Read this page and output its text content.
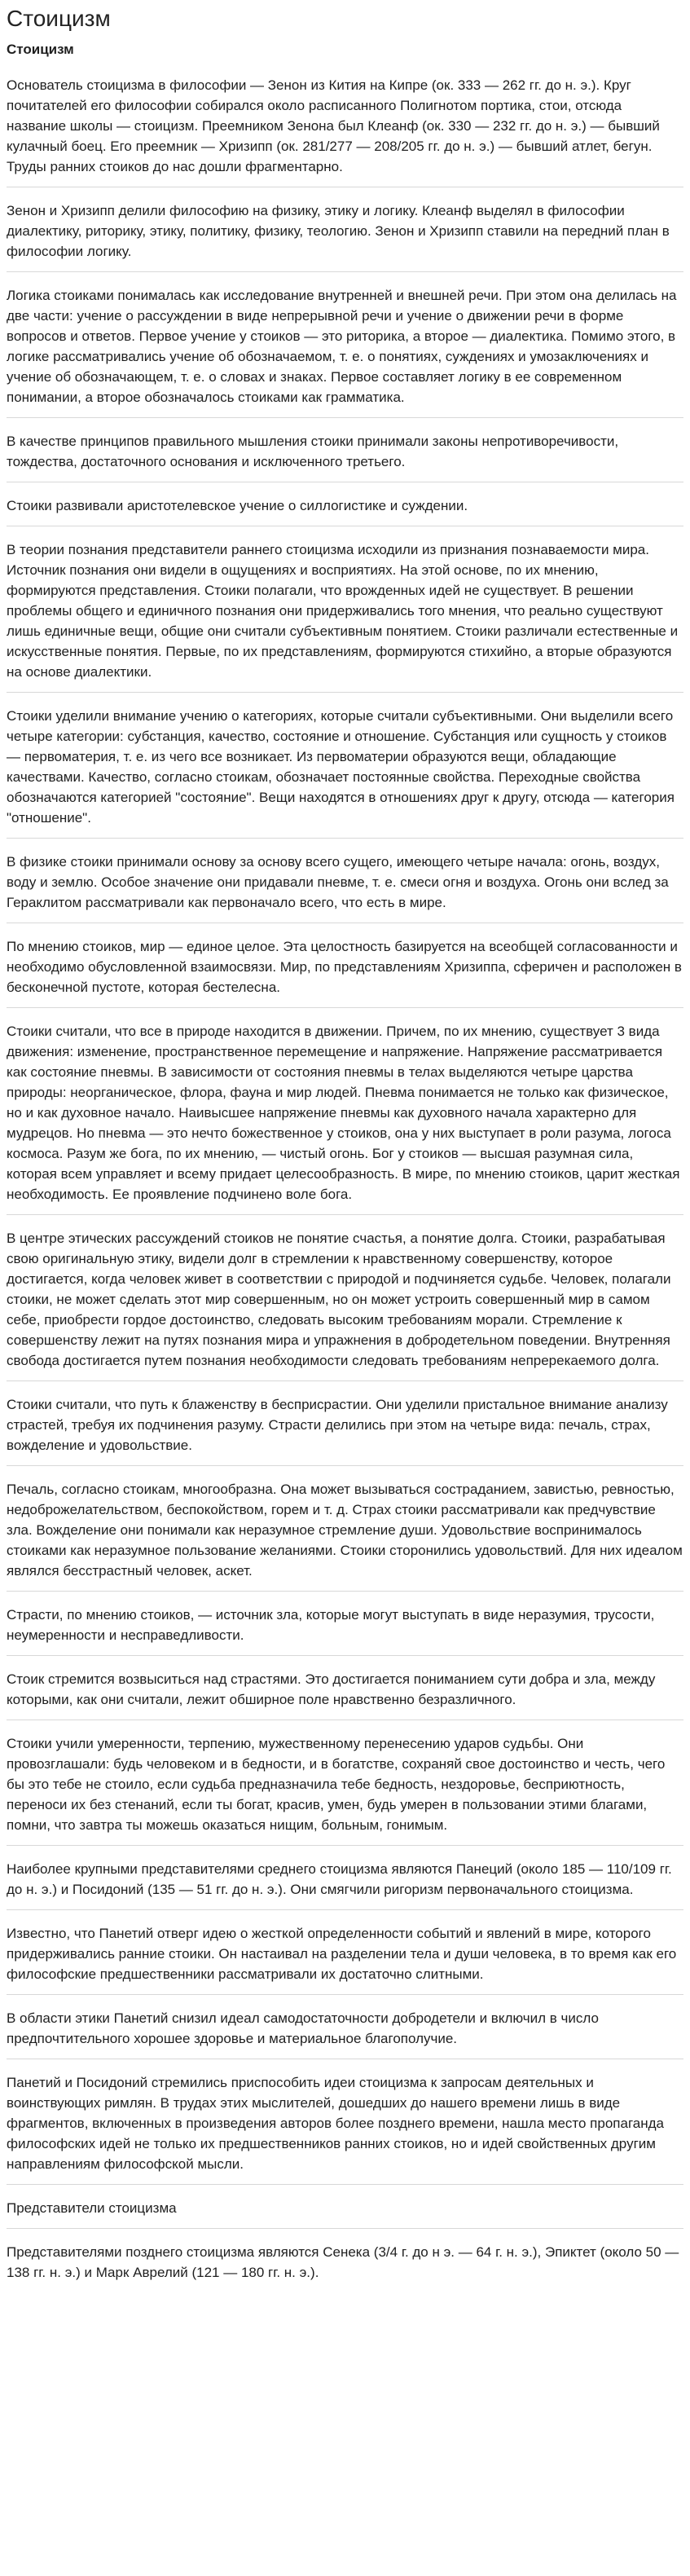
Стоицизм
Стоицизм

Основатель стоицизма в философии — Зенон из Кития на Кипре (ок. 333 — 262 гг. до н. э.). Круг почитателей его философии собирался около расписанного Полигнотом портика, стои, отсюда название школы — стоицизм. Преемником Зенона был Клеанф (ок. 330 — 232 гг. до н. э.) — бывший кулачный боец. Его преемник — Хризипп (ок. 281/277 — 208/205 гг. до н. э.) — бывший атлет, бегун. Труды ранних стоиков до нас дошли фрагментарно.

Зенон и Хризипп делили философию на физику, этику и логику. Клеанф выделял в философии диалектику, риторику, этику, политику, физику, теологию. Зенон и Хризипп ставили на передний план в философии логику.

Логика стоиками понималась как исследование внутренней и внешней речи. При этом она делилась на две части: учение о рассуждении в виде непрерывной речи и учение о движении речи в форме вопросов и ответов. Первое учение у стоиков — это риторика, а второе — диалектика. Помимо этого, в логике рассматривались учение об обозначаемом, т. е. о понятиях, суждениях и умозаключениях и учение об обозначающем, т. е. о словах и знаках. Первое составляет логику в ее современном понимании, а второе обозначалось стоиками как грамматика.

В качестве принципов правильного мышления стоики принимали законы непротиворечивости, тождества, достаточного основания и исключенного третьего.

Стоики развивали аристотелевское учение о силлогистике и суждении.

В теории познания представители раннего стоицизма исходили из признания познаваемости мира. Источник познания они видели в ощущениях и восприятиях. На этой основе, по их мнению, формируются представления. Стоики полагали, что врожденных идей не существует. В решении проблемы общего и единичного познания они придерживались того мнения, что реально существуют лишь единичные вещи, общие они считали субъективным понятием. Стоики различали естественные и искусственные понятия. Первые, по их представлениям, формируются стихийно, а вторые образуются на основе диалектики.

Стоики уделили внимание учению о категориях, которые считали субъективными. Они выделили всего четыре категории: субстанция, качество, состояние и отношение. Субстанция или сущность у стоиков — первоматерия, т. е. из чего все возникает. Из первоматерии образуются вещи, обладающие качествами. Качество, согласно стоикам, обозначает постоянные свойства. Переходные свойства обозначаются категорией "состояние". Вещи находятся в отношениях друг к другу, отсюда — категория "отношение".

В физике стоики принимали основу за основу всего сущего, имеющего четыре начала: огонь, воздух, воду и землю. Особое значение они придавали пневме, т. е. смеси огня и воздуха. Огонь они вслед за Гераклитом рассматривали как первоначало всего, что есть в мире.

По мнению стоиков, мир — единое целое. Эта целостность базируется на всеобщей согласованности и необходимо обусловленной взаимосвязи. Мир, по представлениям Хризиппа, сферичен и расположен в бесконечной пустоте, которая бестелесна.

Стоики считали, что все в природе находится в движении. Причем, по их мнению, существует 3 вида движения: изменение, пространственное перемещение и напряжение. Напряжение рассматривается как состояние пневмы. В зависимости от состояния пневмы в телах выделяются четыре царства природы: неорганическое, флора, фауна и мир людей. Пневма понимается не только как физическое, но и как духовное начало. Наивысшее напряжение пневмы как духовного начала характерно для мудрецов. Но пневма — это нечто божественное у стоиков, она у них выступает в роли разума, логоса космоса. Разум же бога, по их мнению, — чистый огонь. Бог у стоиков — высшая разумная сила, которая всем управляет и всему придает целесообразность. В мире, по мнению стоиков, царит жесткая необходимость. Ее проявление подчинено воле бога.

В центре этических рассуждений стоиков не понятие счастья, а понятие долга. Стоики, разрабатывая свою оригинальную этику, видели долг в стремлении к нравственному совершенству, которое достигается, когда человек живет в соответствии с природой и подчиняется судьбе. Человек, полагали стоики, не может сделать этот мир совершенным, но он может устроить совершенный мир в самом себе, приобрести гордое достоинство, следовать высоким требованиям морали. Стремление к совершенству лежит на путях познания мира и упражнения в добродетельном поведении. Внутренняя свобода достигается путем познания необходимости следовать требованиям непререкаемого долга.

Стоики считали, что путь к блаженству в бесприсрастии. Они уделили пристальное внимание анализу страстей, требуя их подчинения разуму. Страсти делились при этом на четыре вида: печаль, страх, вожделение и удовольствие.

Печаль, согласно стоикам, многообразна. Она может вызываться состраданием, завистью, ревностью, недоброжелательством, беспокойством, горем и т. д. Страх стоики рассматривали как предчувствие зла. Вожделение они понимали как неразумное стремление души. Удовольствие воспринималось стоиками как неразумное пользование желаниями. Стоики сторонились удовольствий. Для них идеалом являлся бесстрастный человек, аскет.

Страсти, по мнению стоиков, — источник зла, которые могут выступать в виде неразумия, трусости, неумеренности и несправедливости.

Стоик стремится возвыситься над страстями. Это достигается пониманием сути добра и зла, между которыми, как они считали, лежит обширное поле нравственно безразличного.

Стоики учили умеренности, терпению, мужественному перенесению ударов судьбы. Они провозглашали: будь человеком и в бедности, и в богатстве, сохраняй свое достоинство и честь, чего бы это тебе не стоило, если судьба предназначила тебе бедность, нездоровье, бесприютность, переноси их без стенаний, если ты богат, красив, умен, будь умерен в пользовании этими благами, помни, что завтра ты можешь оказаться нищим, больным, гонимым.

Наиболее крупными представителями среднего стоицизма являются Панеций (около 185 — 110/109 гг. до н. э.) и Посидоний (135 — 51 гг. до н. э.). Они смягчили ригоризм первоначального стоицизма.

Известно, что Панетий отверг идею о жесткой определенности событий и явлений в мире, которого придерживались ранние стоики. Он настаивал на разделении тела и души человека, в то время как его философские предшественники рассматривали их достаточно слитными.

В области этики Панетий снизил идеал самодостаточности добродетели и включил в число предпочтительного хорошее здоровье и материальное благополучие.

Панетий и Посидоний стремились приспособить идеи стоицизма к запросам деятельных и воинствующих римлян. В трудах этих мыслителей, дошедших до нашего времени лишь в виде фрагментов, включенных в произведения авторов более позднего времени, нашла место пропаганда философских идей не только их предшественников ранних стоиков, но и идей свойственных другим направлениям философской мысли.

Представители стоицизма

Представителями позднего стоицизма являются Сенека (3/4 г. до н э. — 64 г. н. э.), Эпиктет (около 50 — 138 гг. н. э.) и Марк Аврелий (121 — 180 гг. н. э.).
